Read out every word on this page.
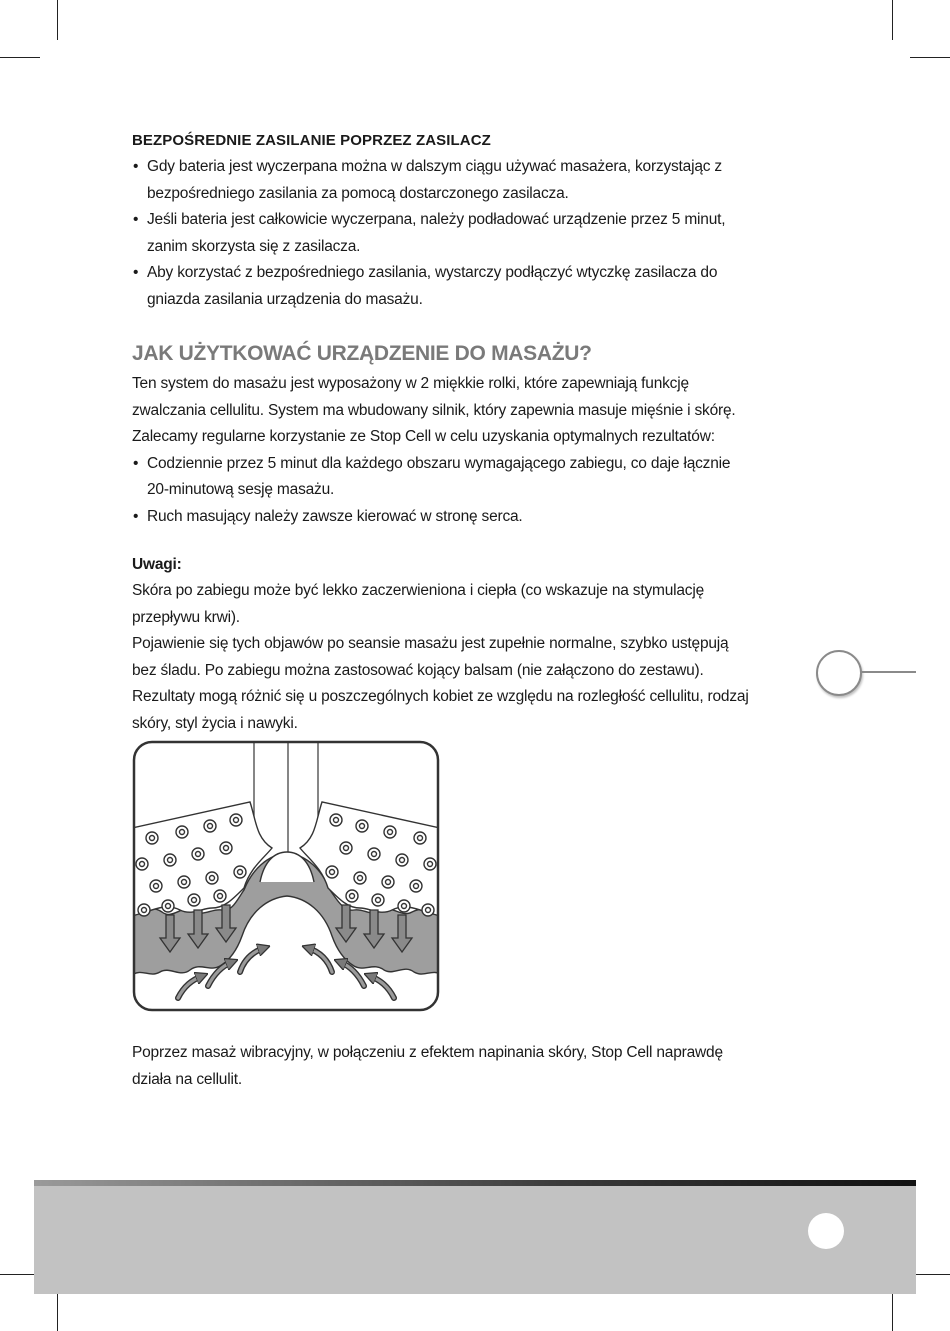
BEZPOŚREDNIE ZASILANIE POPRZEZ ZASILACZ
• Gdy bateria jest wyczerpana można w dalszym ciągu używać masażera, korzystając z bezpośredniego zasilania za pomocą dostarczonego zasilacza.
• Jeśli bateria jest całkowicie wyczerpana, należy podładować urządzenie przez 5 minut, zanim skorzysta się z zasilacza.
• Aby korzystać z bezpośredniego zasilania, wystarczy podłączyć wtyczkę zasilacza do gniazda zasilania urządzenia do masażu.
JAK UŻYTKOWAĆ URZĄDZENIE DO MASAŻU?

Ten system do masażu jest wyposażony w 2 miękkie rolki, które zapewniają funkcję zwalczania cellulitu. System ma wbudowany silnik, który zapewnia masuje mięśnie i skórę. Zalecamy regularne korzystanie ze Stop Cell w celu uzyskania optymalnych rezultatów:

• Codziennie przez 5 minut dla każdego obszaru wymagającego zabiegu, co daje łącznie 20-minutową sesję masażu.
• Ruch masujący należy zawsze kierować w stronę serca.
Uwagi:

Skóra po zabiegu może być lekko zaczerwieniona i ciepła (co wskazuje na stymulację przepływu krwi).

Pojawienie się tych objawów po seansie masażu jest zupełnie normalne, szybko ustępują bez śladu. Po zabiegu można zastosować kojący balsam (nie załączono do zestawu).

Rezultaty mogą różnić się u poszczególnych kobiet ze względu na rozległość cellulitu, rodzaj skóry, styl życia i nawyki.

Poprzez masaż wibracyjny, w połączeniu z efektem napinania skóry, Stop Cell naprawdę działa na cellulit.
